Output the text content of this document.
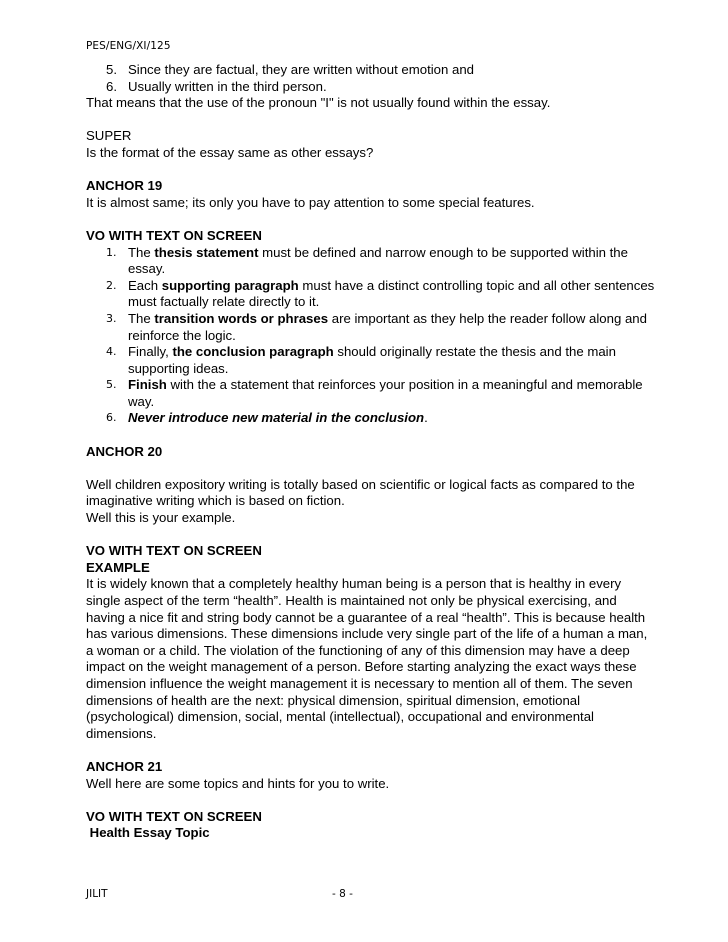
PES/ENG/XI/125
5. Since they are factual, they are written without emotion and
6. Usually written in the third person.

That means that the use of the pronoun "I" is not usually found within the essay.

SUPER

Is the format of the essay same as other essays?

ANCHOR 19

It is almost same; its only you have to pay attention to some special features.

VO WITH TEXT ON SCREEN

1. The thesis statement must be defined and narrow enough to be supported within the essay.
2. Each supporting paragraph must have a distinct controlling topic and all other sentences must factually relate directly to it.
3. The transition words or phrases are important as they help the reader follow along and reinforce the logic.
4. Finally, the conclusion paragraph should originally restate the thesis and the main supporting ideas.
5. Finish with the a statement that reinforces your position in a meaningful and memorable way.
6. Never introduce new material in the conclusion.

ANCHOR 20

Well children expository writing is totally based on scientific or logical facts as compared to the imaginative writing which is based on fiction.

Well this is your example.

VO WITH TEXT ON SCREEN

EXAMPLE

It is widely known that a completely healthy human being is a person that is healthy in every single aspect of the term “health”. Health is maintained not only be physical exercising, and having a nice fit and string body cannot be a guarantee of a real “health”. This is because health has various dimensions. These dimensions include very single part of the life of a human a man, a woman or a child. The violation of the functioning of any of this dimension may have a deep impact on the weight management of a person. Before starting analyzing the exact ways these dimension influence the weight management it is necessary to mention all of them. The seven dimensions of health are the next: physical dimension, spiritual dimension, emotional (psychological) dimension, social, mental (intellectual), occupational and environmental dimensions.

ANCHOR 21

Well here are some topics and hints for you to write.

VO WITH TEXT ON SCREEN

Health Essay Topic

JILIT	- 8 -
